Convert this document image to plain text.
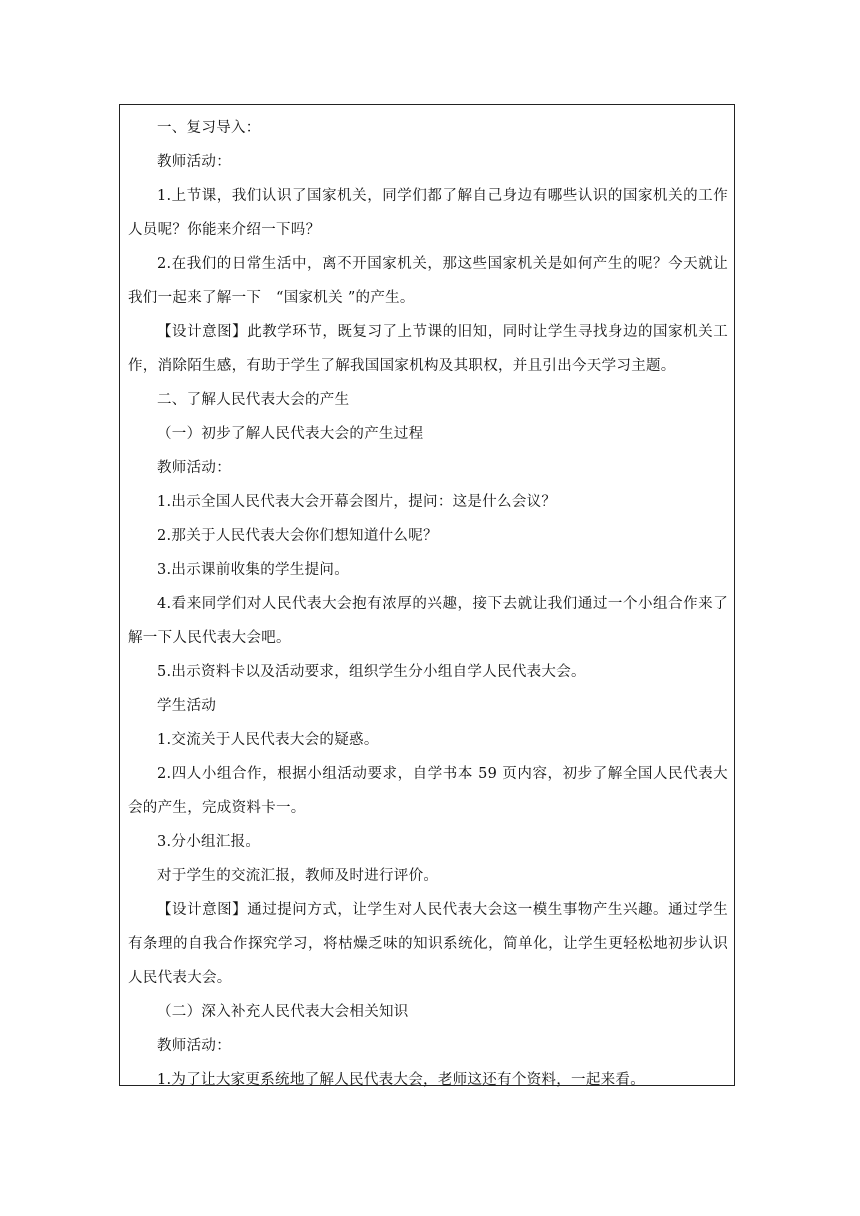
一、复习导入：

教师活动：

1.上节课，我们认识了国家机关，同学们都了解自己身边有哪些认识的国家机关的工作人员呢？你能来介绍一下吗？

2.在我们的日常生活中，离不开国家机关，那这些国家机关是如何产生的呢？今天就让我们一起来了解一下　“国家机关 ”的产生。

【设计意图】此教学环节，既复习了上节课的旧知，同时让学生寻找身边的国家机关工作，消除陌生感，有助于学生了解我国国家机构及其职权，并且引出今天学习主题。

二、了解人民代表大会的产生

（一）初步了解人民代表大会的产生过程

教师活动：

1.出示全国人民代表大会开幕会图片，提问：这是什么会议？

2.那关于人民代表大会你们想知道什么呢？

3.出示课前收集的学生提问。

4.看来同学们对人民代表大会抱有浓厚的兴趣，接下去就让我们通过一个小组合作来了解一下人民代表大会吧。

5.出示资料卡以及活动要求，组织学生分小组自学人民代表大会。

学生活动

1.交流关于人民代表大会的疑惑。

2.四人小组合作，根据小组活动要求，自学书本 59 页内容，初步了解全国人民代表大会的产生，完成资料卡一。

3.分小组汇报。

对于学生的交流汇报，教师及时进行评价。

【设计意图】通过提问方式，让学生对人民代表大会这一模生事物产生兴趣。通过学生有条理的自我合作探究学习，将枯燥乏味的知识系统化，简单化，让学生更轻松地初步认识人民代表大会。

（二）深入补充人民代表大会相关知识

教师活动：

1.为了让大家更系统地了解人民代表大会，老师这还有个资料，一起来看。
